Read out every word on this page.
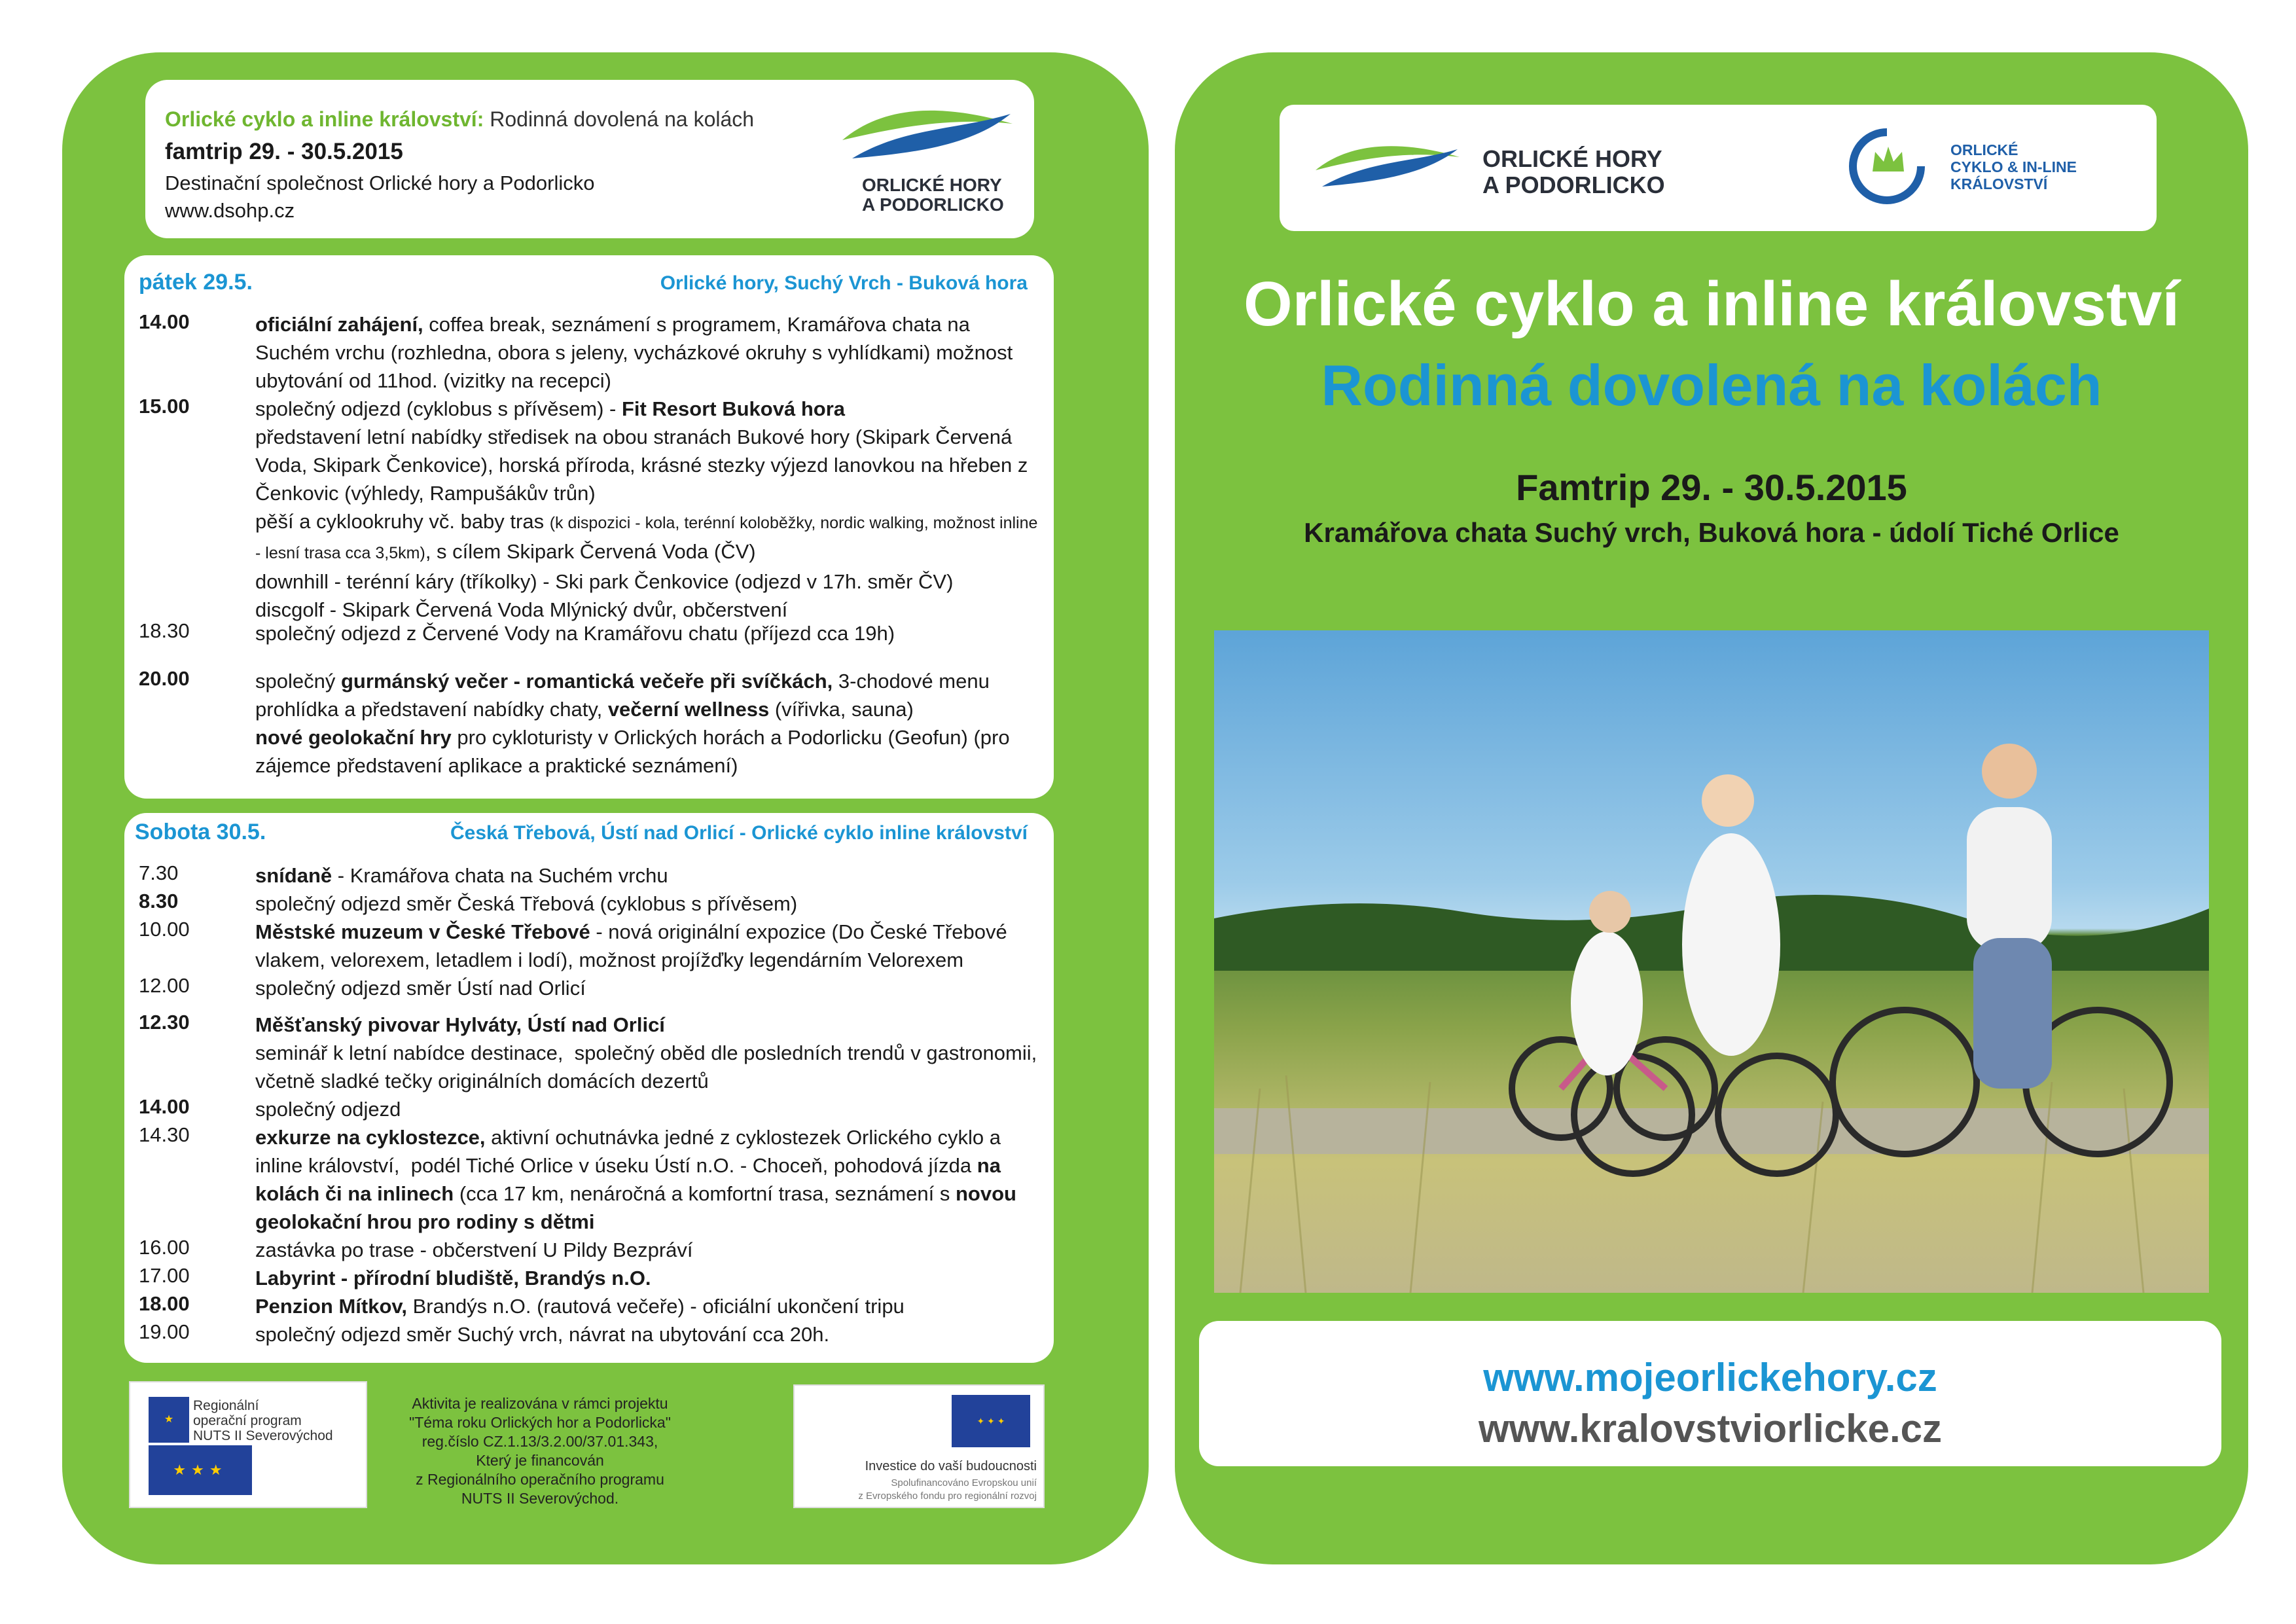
Orlické cyklo a inline království: Rodinná dovolená na kolách
famtrip 29. - 30.5.2015
Destinační společnost Orlické hory a Podorlicko
www.dsohp.cz
ORLICKÉ HORY
A PODORLICKO
pátek 29.5.	Orlické hory, Suchý Vrch - Buková hora
14.00	oficiální zahájení, coffea break, seznámení s programem, Kramářova chata na Suchém vrchu (rozhledna, obora s jeleny, vycházkové okruhy s vyhlídkami) možnost ubytování od 11hod. (vizitky na recepci)
15.00	společný odjezd (cyklobus s přívěsem) - Fit Resort Buková hora
představení letní nabídky středisek na obou stranách Bukové hory (Skipark Červená Voda, Skipark Čenkovice), horská příroda, krásné stezky výjezd lanovkou na hřeben z Čenkovic (výhledy, Rampušákův trůn)
pěší a cyklookruhy vč. baby tras (k dispozici - kola, terénní koloběžky, nordic walking, možnost inline - lesní trasa cca 3,5km), s cílem Skipark Červená Voda (ČV)
downhill - terénní káry (tříkolky) - Ski park Čenkovice (odjezd v 17h. směr ČV)
discgolf - Skipark Červená Voda Mlýnický dvůr, občerstvení
18.30	společný odjezd z Červené Vody na Kramářovu chatu (příjezd cca 19h)
20.00	společný gurmánský večer - romantická večeře při svíčkách, 3-chodové menu prohlídka a představení nabídky chaty, večerní wellness (vířivka, sauna)
nové geolokační hry pro cykloturisty v Orlických horách a Podorlicku (Geofun) (pro zájemce představení aplikace a praktické seznámení)
Sobota 30.5.	Česká Třebová, Ústí nad Orlicí - Orlické cyklo inline království
7.30	snídaně - Kramářova chata na Suchém vrchu
8.30	společný odjezd směr Česká Třebová (cyklobus s přívěsem)
10.00	Městské muzeum v České Třebové - nová originální expozice (Do České Třebové vlakem, velorexem, letadlem i lodí), možnost projížďky legendárním Velorexem
12.00	společný odjezd směr Ústí nad Orlicí
12.30	Měšťanský pivovar Hylváty, Ústí nad Orlicí
seminář k letní nabídce destinace,  společný oběd dle posledních trendů v gastronomii, včetně sladké tečky originálních domácích dezertů
14.00	společný odjezd
14.30	exkurze na cyklostezce, aktivní ochutnávka jedné z cyklostezek Orlického cyklo a inline království,  podél Tiché Orlice v úseku Ústí n.O. - Choceň, pohodová jízda na kolách či na inlinech (cca 17 km, nenáročná a komfortní trasa, seznámení s novou geolokační hrou pro rodiny s dětmi
16.00	zastávka po trase - občerstvení U Pildy Bezpráví
17.00	Labyrint - přírodní bludiště, Brandýs n.O.
18.00	Penzion Mítkov, Brandýs n.O. (rautová večeře) - oficiální ukončení tripu
19.00	společný odjezd směr Suchý vrch, návrat na ubytování cca 20h.
★
★★★
Regionální
operační program
NUTS II Severovýchod
Aktivita je realizována v rámci projektu
"Téma roku Orlických hor a Podorlicka"
reg.číslo CZ.1.13/3.2.00/37.01.343,
Který je financován
z Regionálního operačního programu
NUTS II Severovýchod.
✦ ✦ ✦
Investice do vaší budoucnosti
Spolufinancováno Evropskou unií
z Evropského fondu pro regionální rozvoj
ORLICKÉ HORY
A PODORLICKO
ORLICKÉ
CYKLO & IN-LINE
KRÁLOVSTVÍ
Orlické cyklo a inline království
Rodinná dovolená na kolách
Famtrip 29. - 30.5.2015
Kramářova chata Suchý vrch, Buková hora - údolí Tiché Orlice
www.mojeorlickehory.cz
www.kralovstviorlicke.cz
